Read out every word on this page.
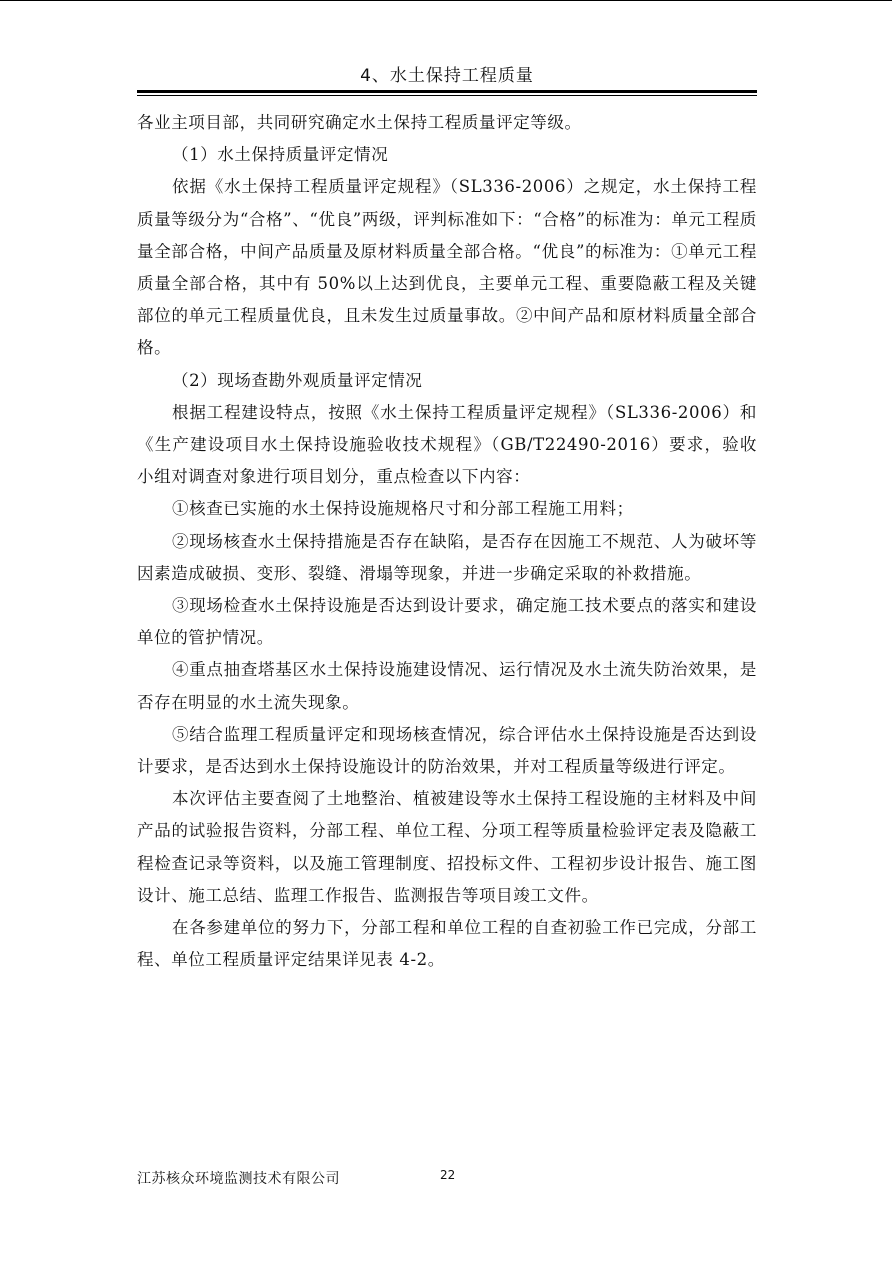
4、水土保持工程质量

各业主项目部，共同研究确定水土保持工程质量评定等级。

（1）水土保持质量评定情况

依据《水土保持工程质量评定规程》（SL336-2006）之规定，水土保持工程质量等级分为“合格”、“优良”两级，评判标准如下：“合格”的标准为：单元工程质量全部合格，中间产品质量及原材料质量全部合格。“优良”的标准为：①单元工程质量全部合格，其中有 50%以上达到优良，主要单元工程、重要隐蔽工程及关键部位的单元工程质量优良，且未发生过质量事故。②中间产品和原材料质量全部合格。

（2）现场查勘外观质量评定情况

根据工程建设特点，按照《水土保持工程质量评定规程》（SL336-2006）和《生产建设项目水土保持设施验收技术规程》（GB/T22490-2016）要求，验收小组对调查对象进行项目划分，重点检查以下内容：

①核查已实施的水土保持设施规格尺寸和分部工程施工用料；

②现场核查水土保持措施是否存在缺陷，是否存在因施工不规范、人为破坏等因素造成破损、变形、裂缝、滑塌等现象，并进一步确定采取的补救措施。

③现场检查水土保持设施是否达到设计要求，确定施工技术要点的落实和建设单位的管护情况。

④重点抽查塔基区水土保持设施建设情况、运行情况及水土流失防治效果，是否存在明显的水土流失现象。

⑤结合监理工程质量评定和现场核查情况，综合评估水土保持设施是否达到设计要求，是否达到水土保持设施设计的防治效果，并对工程质量等级进行评定。

本次评估主要查阅了土地整治、植被建设等水土保持工程设施的主材料及中间产品的试验报告资料，分部工程、单位工程、分项工程等质量检验评定表及隐蔽工程检查记录等资料，以及施工管理制度、招投标文件、工程初步设计报告、施工图设计、施工总结、监理工作报告、监测报告等项目竣工文件。

在各参建单位的努力下，分部工程和单位工程的自查初验工作已完成，分部工程、单位工程质量评定结果详见表 4-2。

江苏核众环境监测技术有限公司	22
